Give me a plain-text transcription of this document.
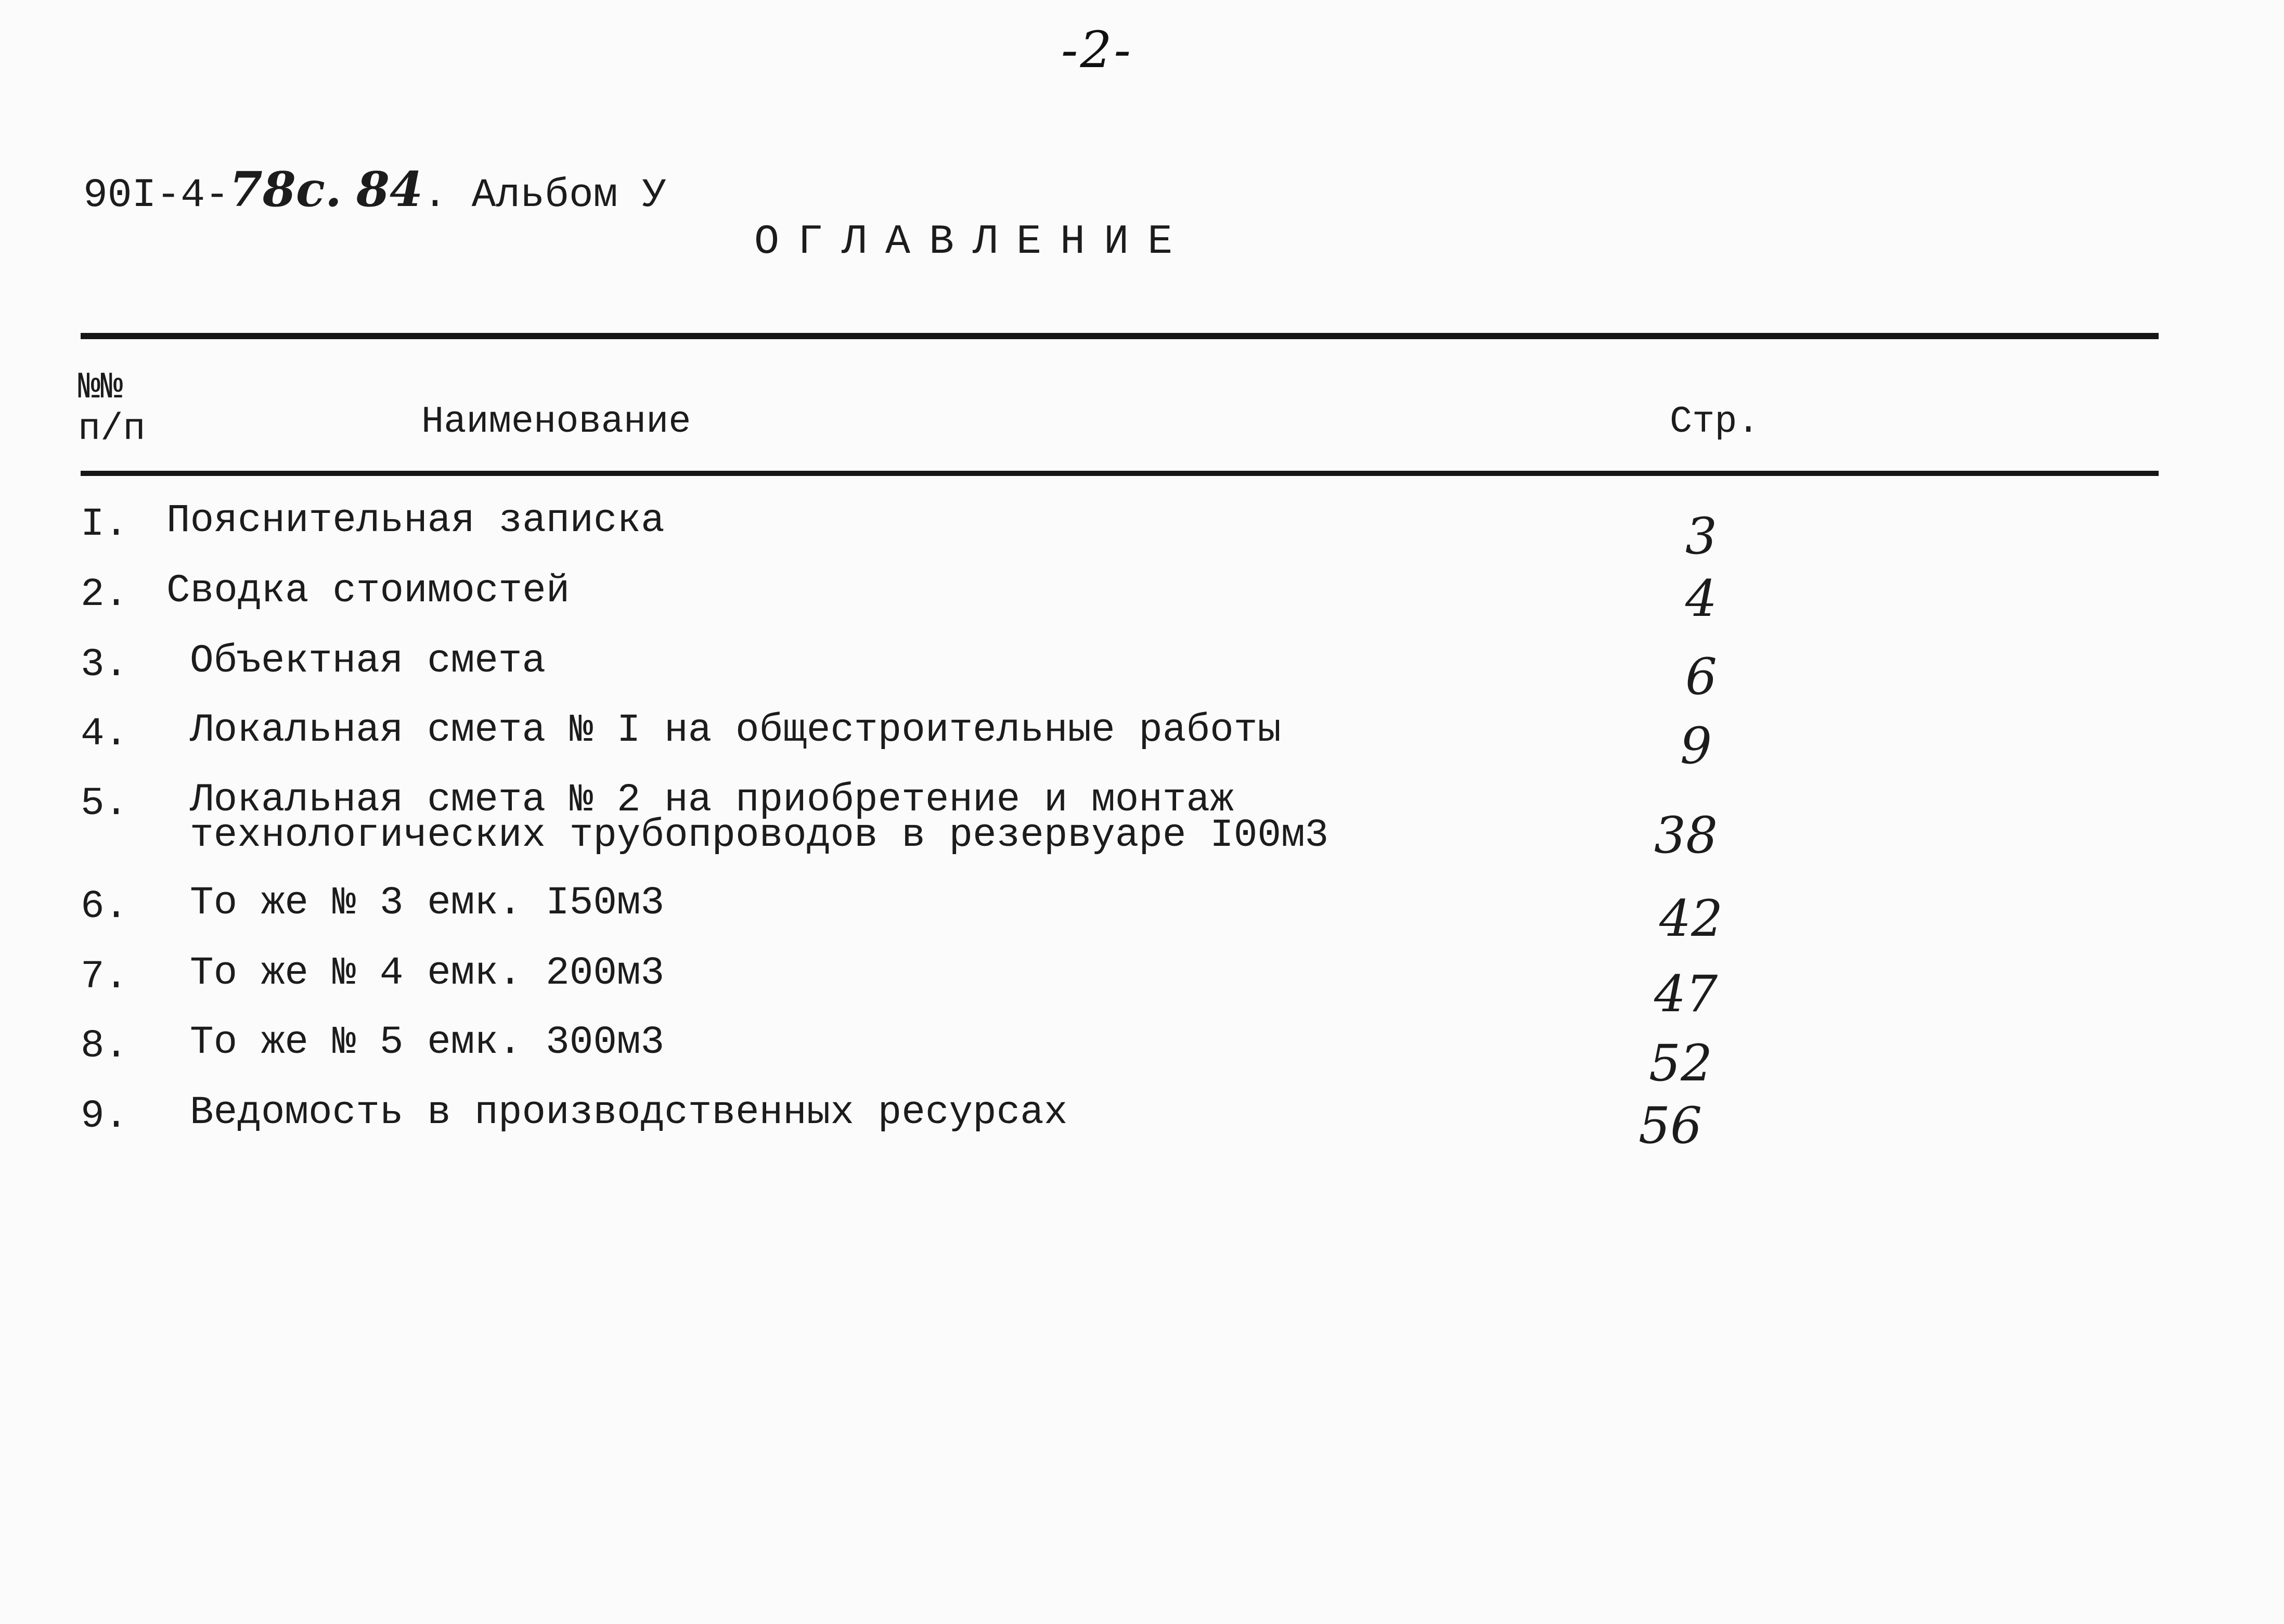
-2-
90I-4- 78с. 84 . Альбом У
ОГЛАВЛЕНИЕ
№№
п/п	Наименование	Стр.
I. Пояснительная записка	3
2. Сводка стоимостей	4
3. Объектная смета	6
4. Локальная смета № I на общестроительные работы	9
5. Локальная смета № 2 на приобретение и монтаж
технологических трубопроводов в резервуаре I00м3	38
6. То же № 3 емк. I50м3	42
7. То же № 4 емк. 200м3	47
8. То же № 5 емк. 300м3	52
9. Ведомость в производственных ресурсах	56
